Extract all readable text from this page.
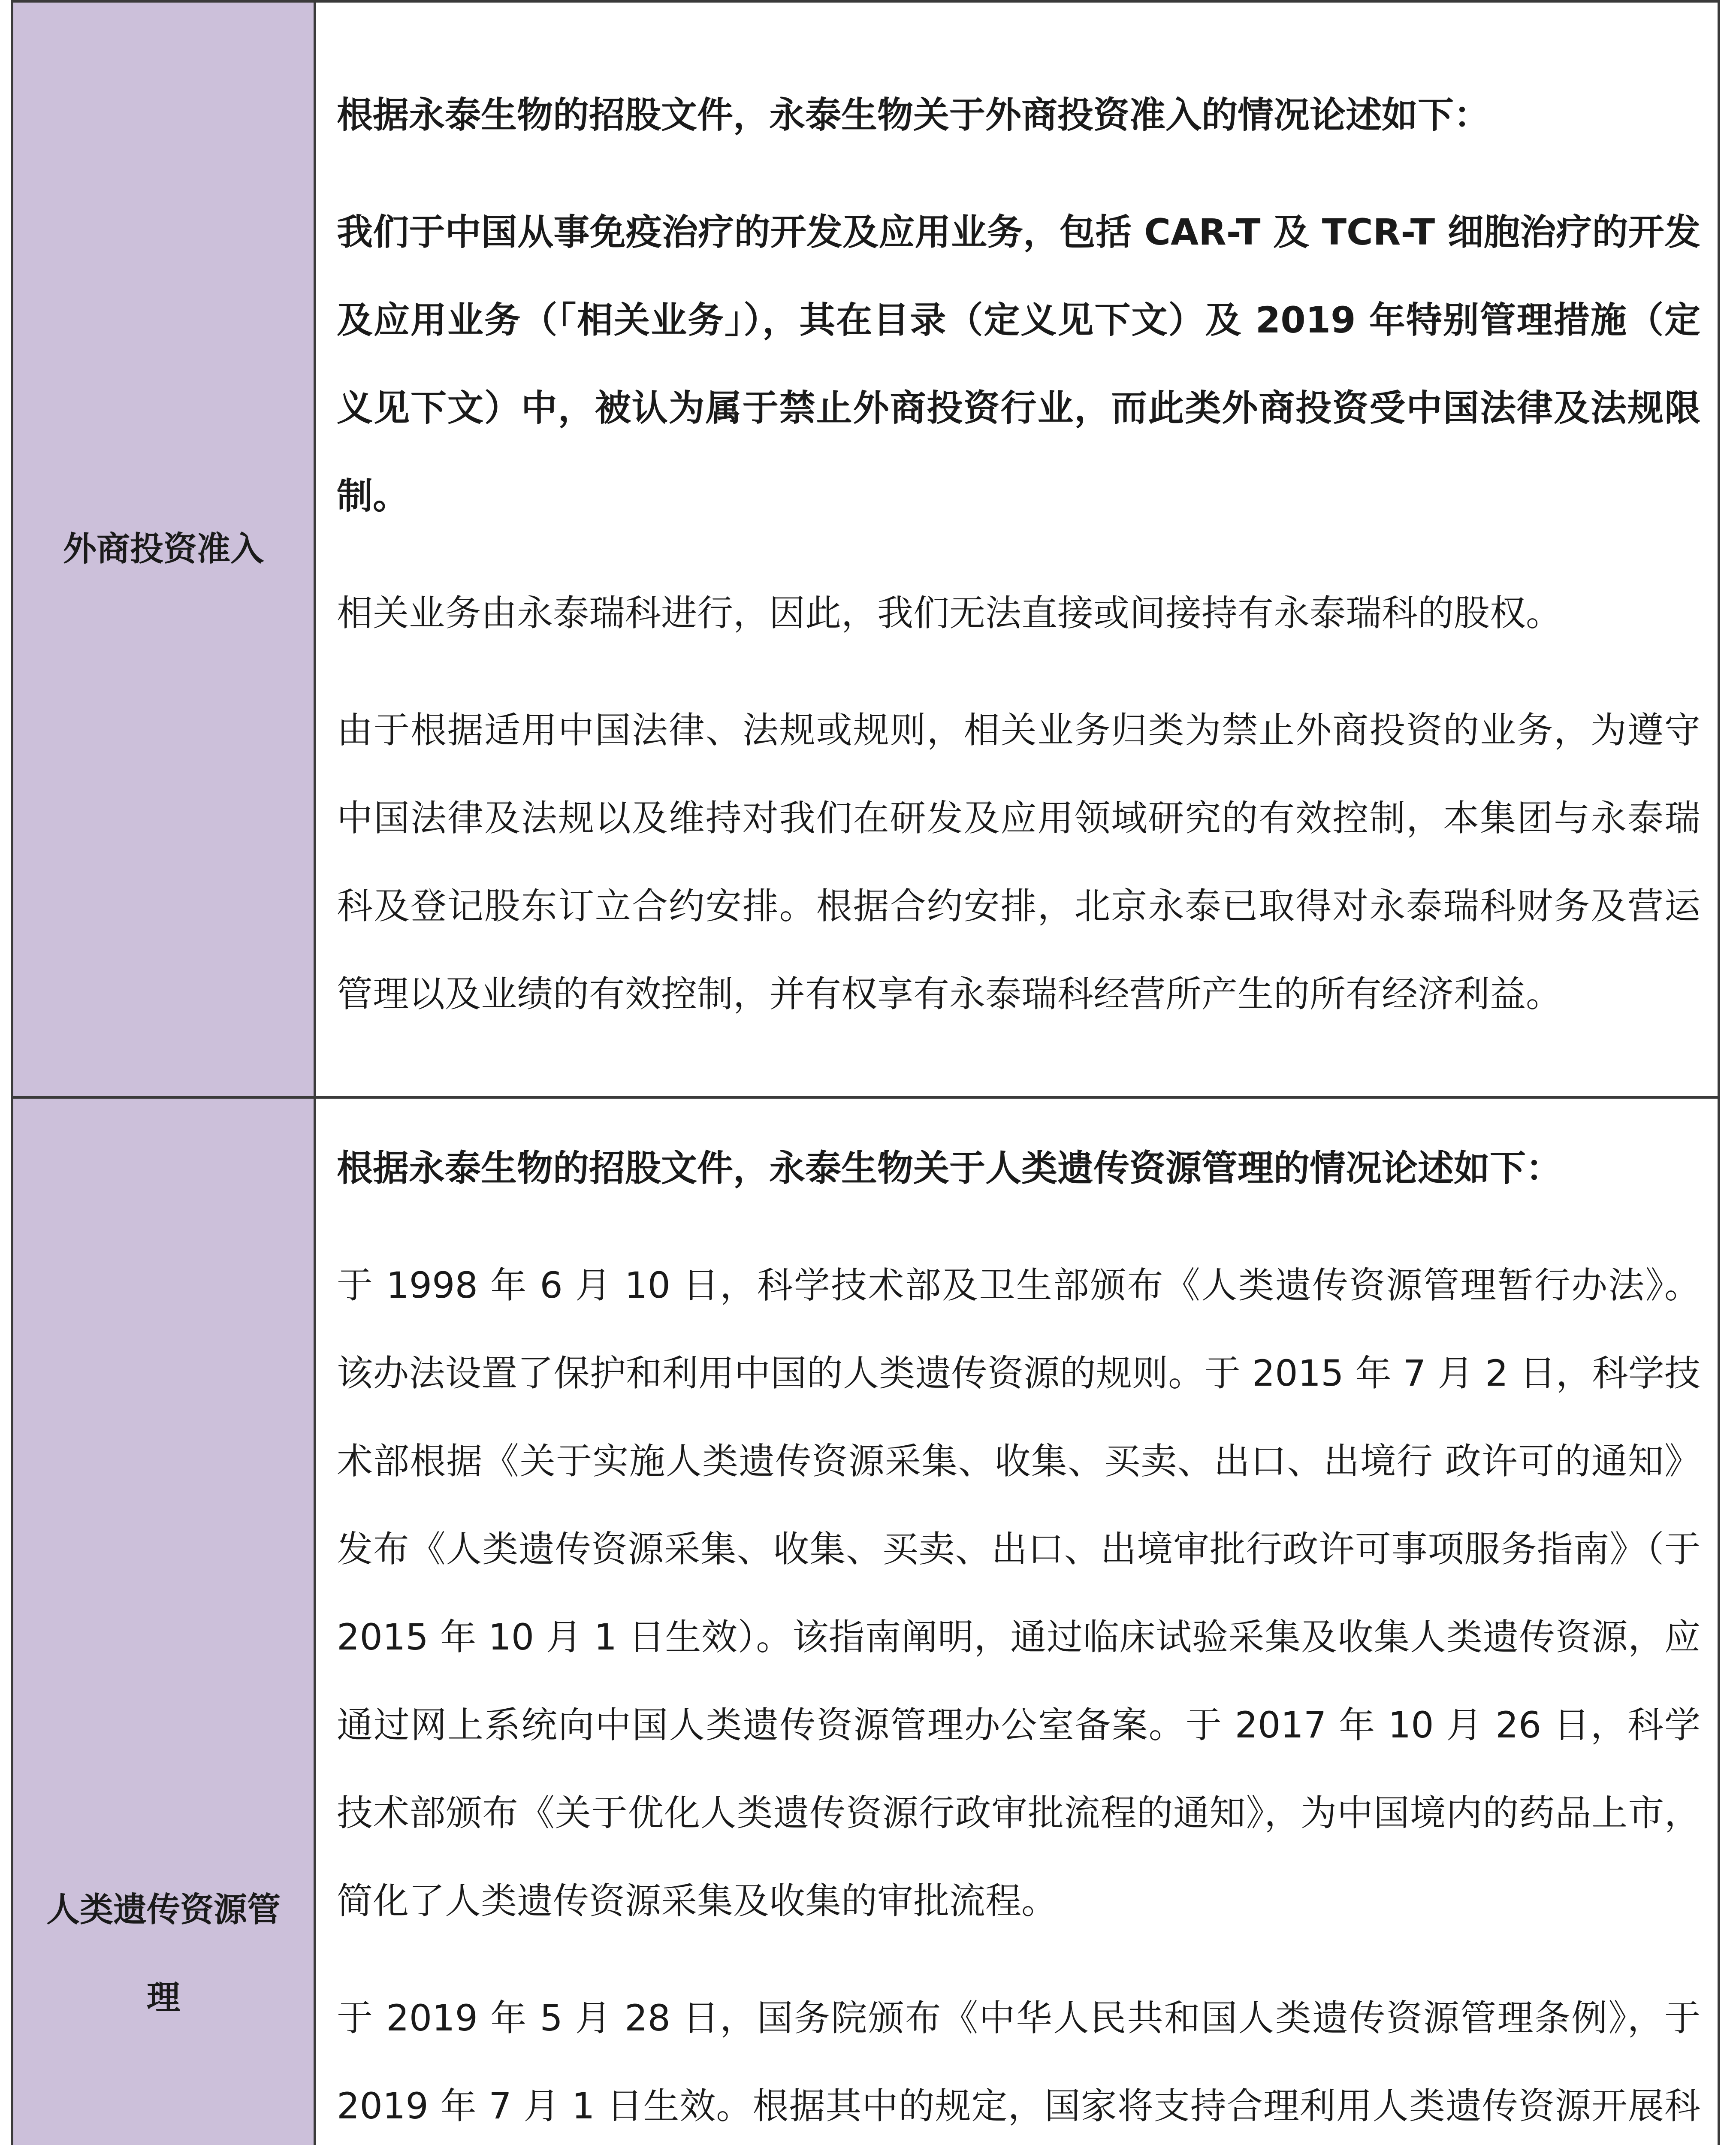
外商投资准入	根据永泰生物的招股文件，永泰生物关于外商投资准入的情况论述如下：

我们于中国从事免疫治疗的开发及应用业务，包括 CAR-T 及 TCR-T 细胞治疗的开发及应用业务（「相关业务」），其在目录（定义见下文）及 2019 年特别管理措施（定义见下文）中，被认为属于禁止外商投资行业，而此类外商投资受中国法律及法规限制。

相关业务由永泰瑞科进行，因此，我们无法直接或间接持有永泰瑞科的股权。

由于根据适用中国法律、法规或规则，相关业务归类为禁止外商投资的业务，为遵守中国法律及法规以及维持对我们在研发及应用领域研究的有效控制，本集团与永泰瑞科及登记股东订立合约安排。根据合约安排，北京永泰已取得对永泰瑞科财务及营运管理以及业绩的有效控制，并有权享有永泰瑞科经营所产生的所有经济利益。

人类遗传资源管理	根据永泰生物的招股文件，永泰生物关于人类遗传资源管理的情况论述如下：

于 1998 年 6 月 10 日，科学技术部及卫生部颁布《人类遗传资源管理暂行办法》。该办法设置了保护和利用中国的人类遗传资源的规则。于 2015 年 7 月 2 日，科学技术部根据《关于实施人类遗传资源采集、收集、买卖、出口、出境行 政许可的通知》发布《人类遗传资源采集、收集、买卖、出口、出境审批行政许可事项服务指南》（于 2015 年 10 月 1 日生效）。该指南阐明，通过临床试验采集及收集人类遗传资源，应通过网上系统向中国人类遗传资源管理办公室备案。于 2017 年 10 月 26 日，科学技术部颁布《关于优化人类遗传资源行政审批流程的通知》，为中国境内的药品上市，简化了人类遗传资源采集及收集的审批流程。

于 2019 年 5 月 28 日，国务院颁布《中华人民共和国人类遗传资源管理条例》，于 2019 年 7 月 1 日生效。根据其中的规定，国家将支持合理利用人类遗传资源开展科
